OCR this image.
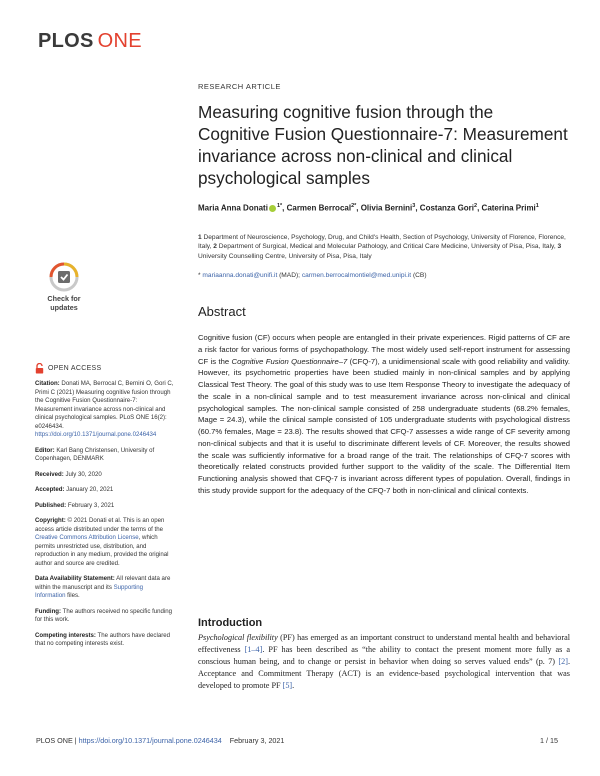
PLOS ONE
RESEARCH ARTICLE
Measuring cognitive fusion through the Cognitive Fusion Questionnaire-7: Measurement invariance across non-clinical and clinical psychological samples
Maria Anna Donati $^{1*}$, Carmen Berrocal$^{2*}$, Olivia Bernini$^3$, Costanza Gori$^2$, Caterina Primi$^1$
1 Department of Neuroscience, Psychology, Drug, and Child's Health, Section of Psychology, University of Florence, Florence, Italy, 2 Department of Surgical, Medical and Molecular Pathology, and Critical Care Medicine, University of Pisa, Pisa, Italy, 3 University Counselling Centre, University of Pisa, Pisa, Italy
* mariaanna.donati@unifi.it (MAD); carmen.berrocalmontiel@med.unipi.it (CB)
Abstract

Cognitive fusion (CF) occurs when people are entangled in their private experiences. Rigid patterns of CF are a risk factor for various forms of psychopathology. The most widely used self-report instrument for assessing CF is the Cognitive Fusion Questionnaire–7 (CFQ-7), a unidimensional scale with good reliability and validity. However, its psychometric properties have been studied mainly in non-clinical samples and by applying Classical Test Theory. The goal of this study was to use Item Response Theory to investigate the adequacy of the scale in a non-clinical sample and to test measurement invariance across non-clinical and clinical psychological samples. The non-clinical sample consisted of 258 undergraduate students (68.2% females, Mage = 24.3), while the clinical sample consisted of 105 undergraduate students with psychological distress (60.7% females, Mage = 23.8). The results showed that CFQ-7 assesses a wide range of CF severity among non-clinical subjects and that it is useful to discriminate different levels of CF. Moreover, the results showed the scale was sufficiently informative for a broad range of the trait. The relationships of CFQ-7 scores with theoretically related constructs provided further support to the validity of the scale. The Differential Item Functioning analysis showed that CFQ-7 is invariant across different types of population. Overall, findings in this study provide support for the adequacy of the CFQ-7 both in non-clinical and clinical contexts.

Introduction
Psychological flexibility (PF) has emerged as an important construct to understand mental health and behavioral effectiveness [1–4]. PF has been described as “the ability to contact the present moment more fully as a conscious human being, and to change or persist in behavior when doing so serves valued ends” (p. 7) [2]. Acceptance and Commitment Therapy (ACT) is an evidence-based psychological intervention that was developed to promote PF [5].
Check for
updates
OPEN ACCESS
Citation: Donati MA, Berrocal C, Bernini O, Gori C, Primi C (2021) Measuring cognitive fusion through the Cognitive Fusion Questionnaire-7: Measurement invariance across non-clinical and clinical psychological samples. PLoS ONE 16(2): e0246434. https://doi.org/10.1371/journal.pone.0246434
Editor: Karl Bang Christensen, University of Copenhagen, DENMARK
Received: July 30, 2020
Accepted: January 20, 2021
Published: February 3, 2021
Copyright: © 2021 Donati et al. This is an open access article distributed under the terms of the Creative Commons Attribution License, which permits unrestricted use, distribution, and reproduction in any medium, provided the original author and source are credited.
Data Availability Statement: All relevant data are within the manuscript and its Supporting Information files.
Funding: The authors received no specific funding for this work.
Competing interests: The authors have declared that no competing interests exist.
PLOS ONE | https://doi.org/10.1371/journal.pone.0246434    February 3, 2021	1 / 15
